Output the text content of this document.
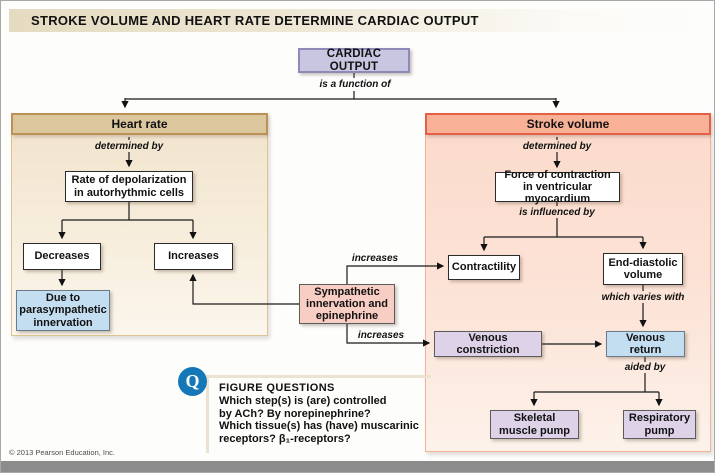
STROKE VOLUME AND HEART RATE DETERMINE CARDIAC OUTPUT
Heart rate	Stroke volume
CARDIAC OUTPUT
Rate of depolarization in autorhythmic cells
Decreases	Increases
Due to parasympathetic innervation
Sympathetic innervation and epinephrine
Force of contraction in ventricular myocardium
Contractility	End-diastolic volume
Venous constriction
Venous return
Skeletal muscle pump
Respiratory pump
is a function of
determined by	determined by
is influenced by
which varies with
aided by
increases
increases
Q FIGURE QUESTIONS
Which step(s) is (are) controlled
by ACh? By norepinephrine?
Which tissue(s) has (have) muscarinic
receptors? β₁-receptors?
© 2013 Pearson Education, Inc.
